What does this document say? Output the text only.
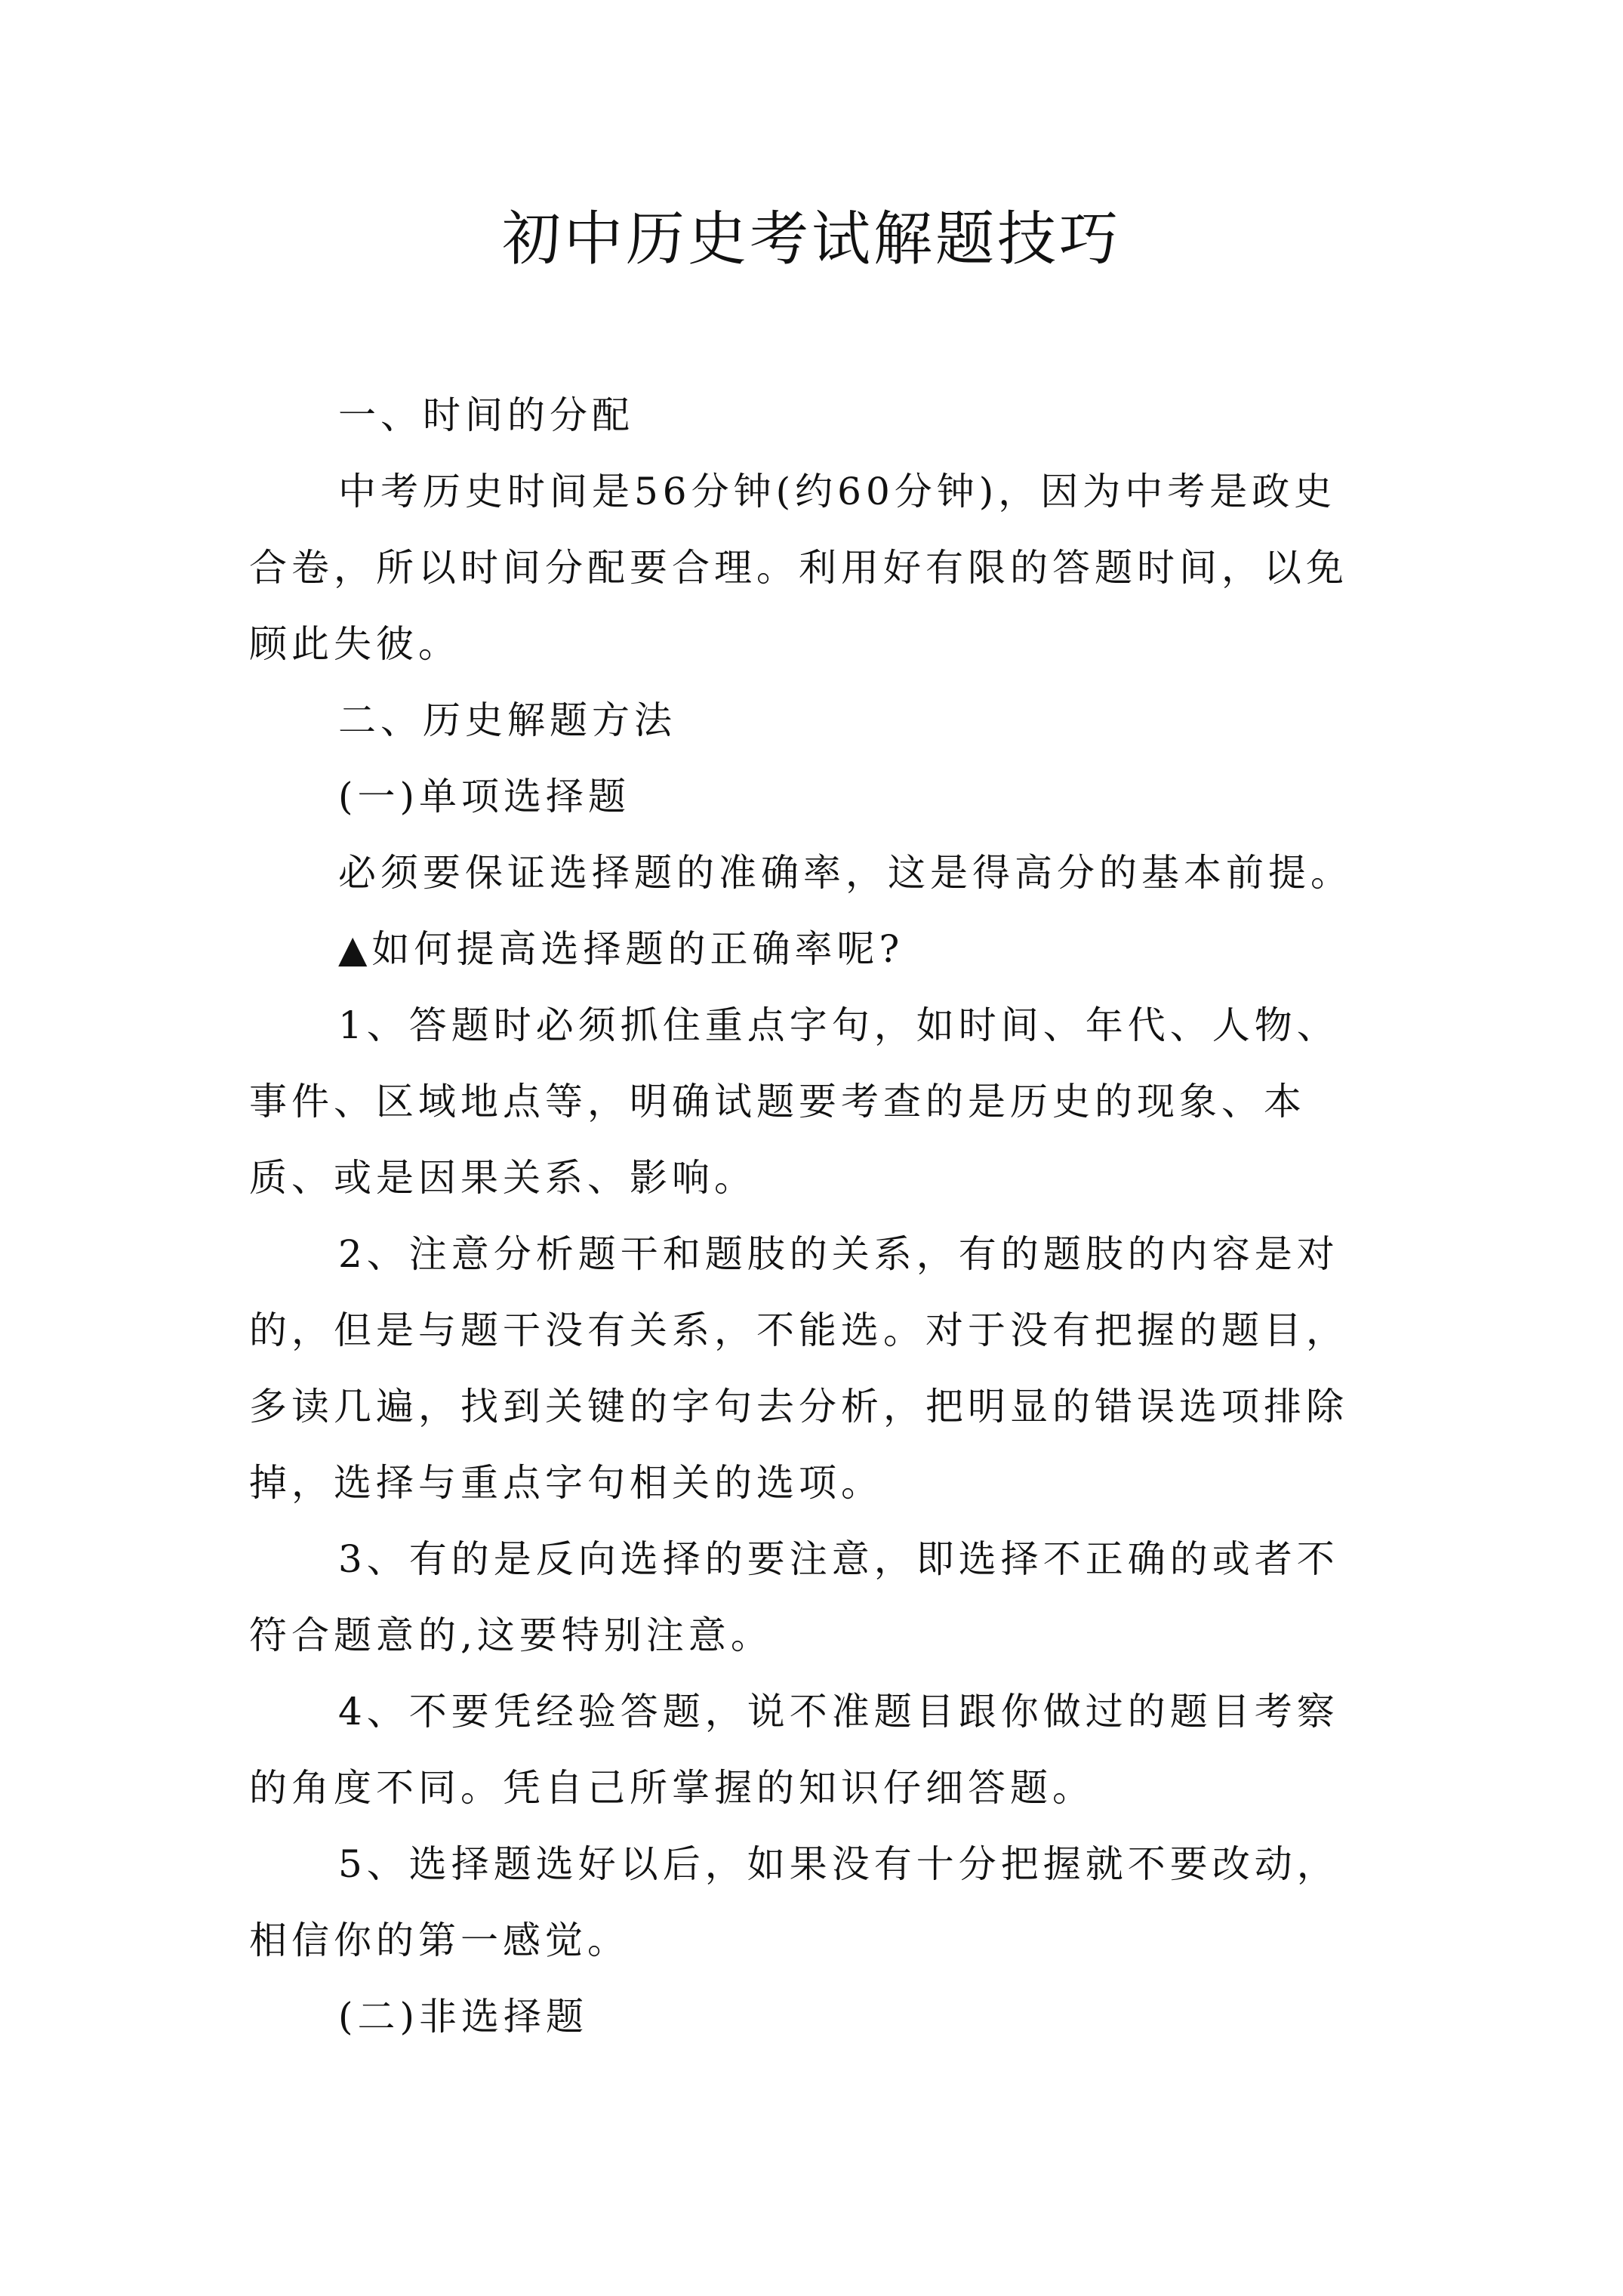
初中历史考试解题技巧

一、时间的分配

中考历史时间是56分钟(约60分钟)，因为中考是政史合卷，所以时间分配要合理。利用好有限的答题时间，以免顾此失彼。

二、历史解题方法

(一)单项选择题

必须要保证选择题的准确率，这是得高分的基本前提。

▲如何提高选择题的正确率呢?

1、答题时必须抓住重点字句，如时间、年代、人物、事件、区域地点等，明确试题要考查的是历史的现象、本质、或是因果关系、影响。

2、注意分析题干和题肢的关系，有的题肢的内容是对的，但是与题干没有关系，不能选。对于没有把握的题目，多读几遍，找到关键的字句去分析，把明显的错误选项排除掉，选择与重点字句相关的选项。

3、有的是反向选择的要注意，即选择不正确的或者不符合题意的,这要特别注意。

4、不要凭经验答题，说不准题目跟你做过的题目考察的角度不同。凭自己所掌握的知识仔细答题。

5、选择题选好以后，如果没有十分把握就不要改动，相信你的第一感觉。

(二)非选择题
